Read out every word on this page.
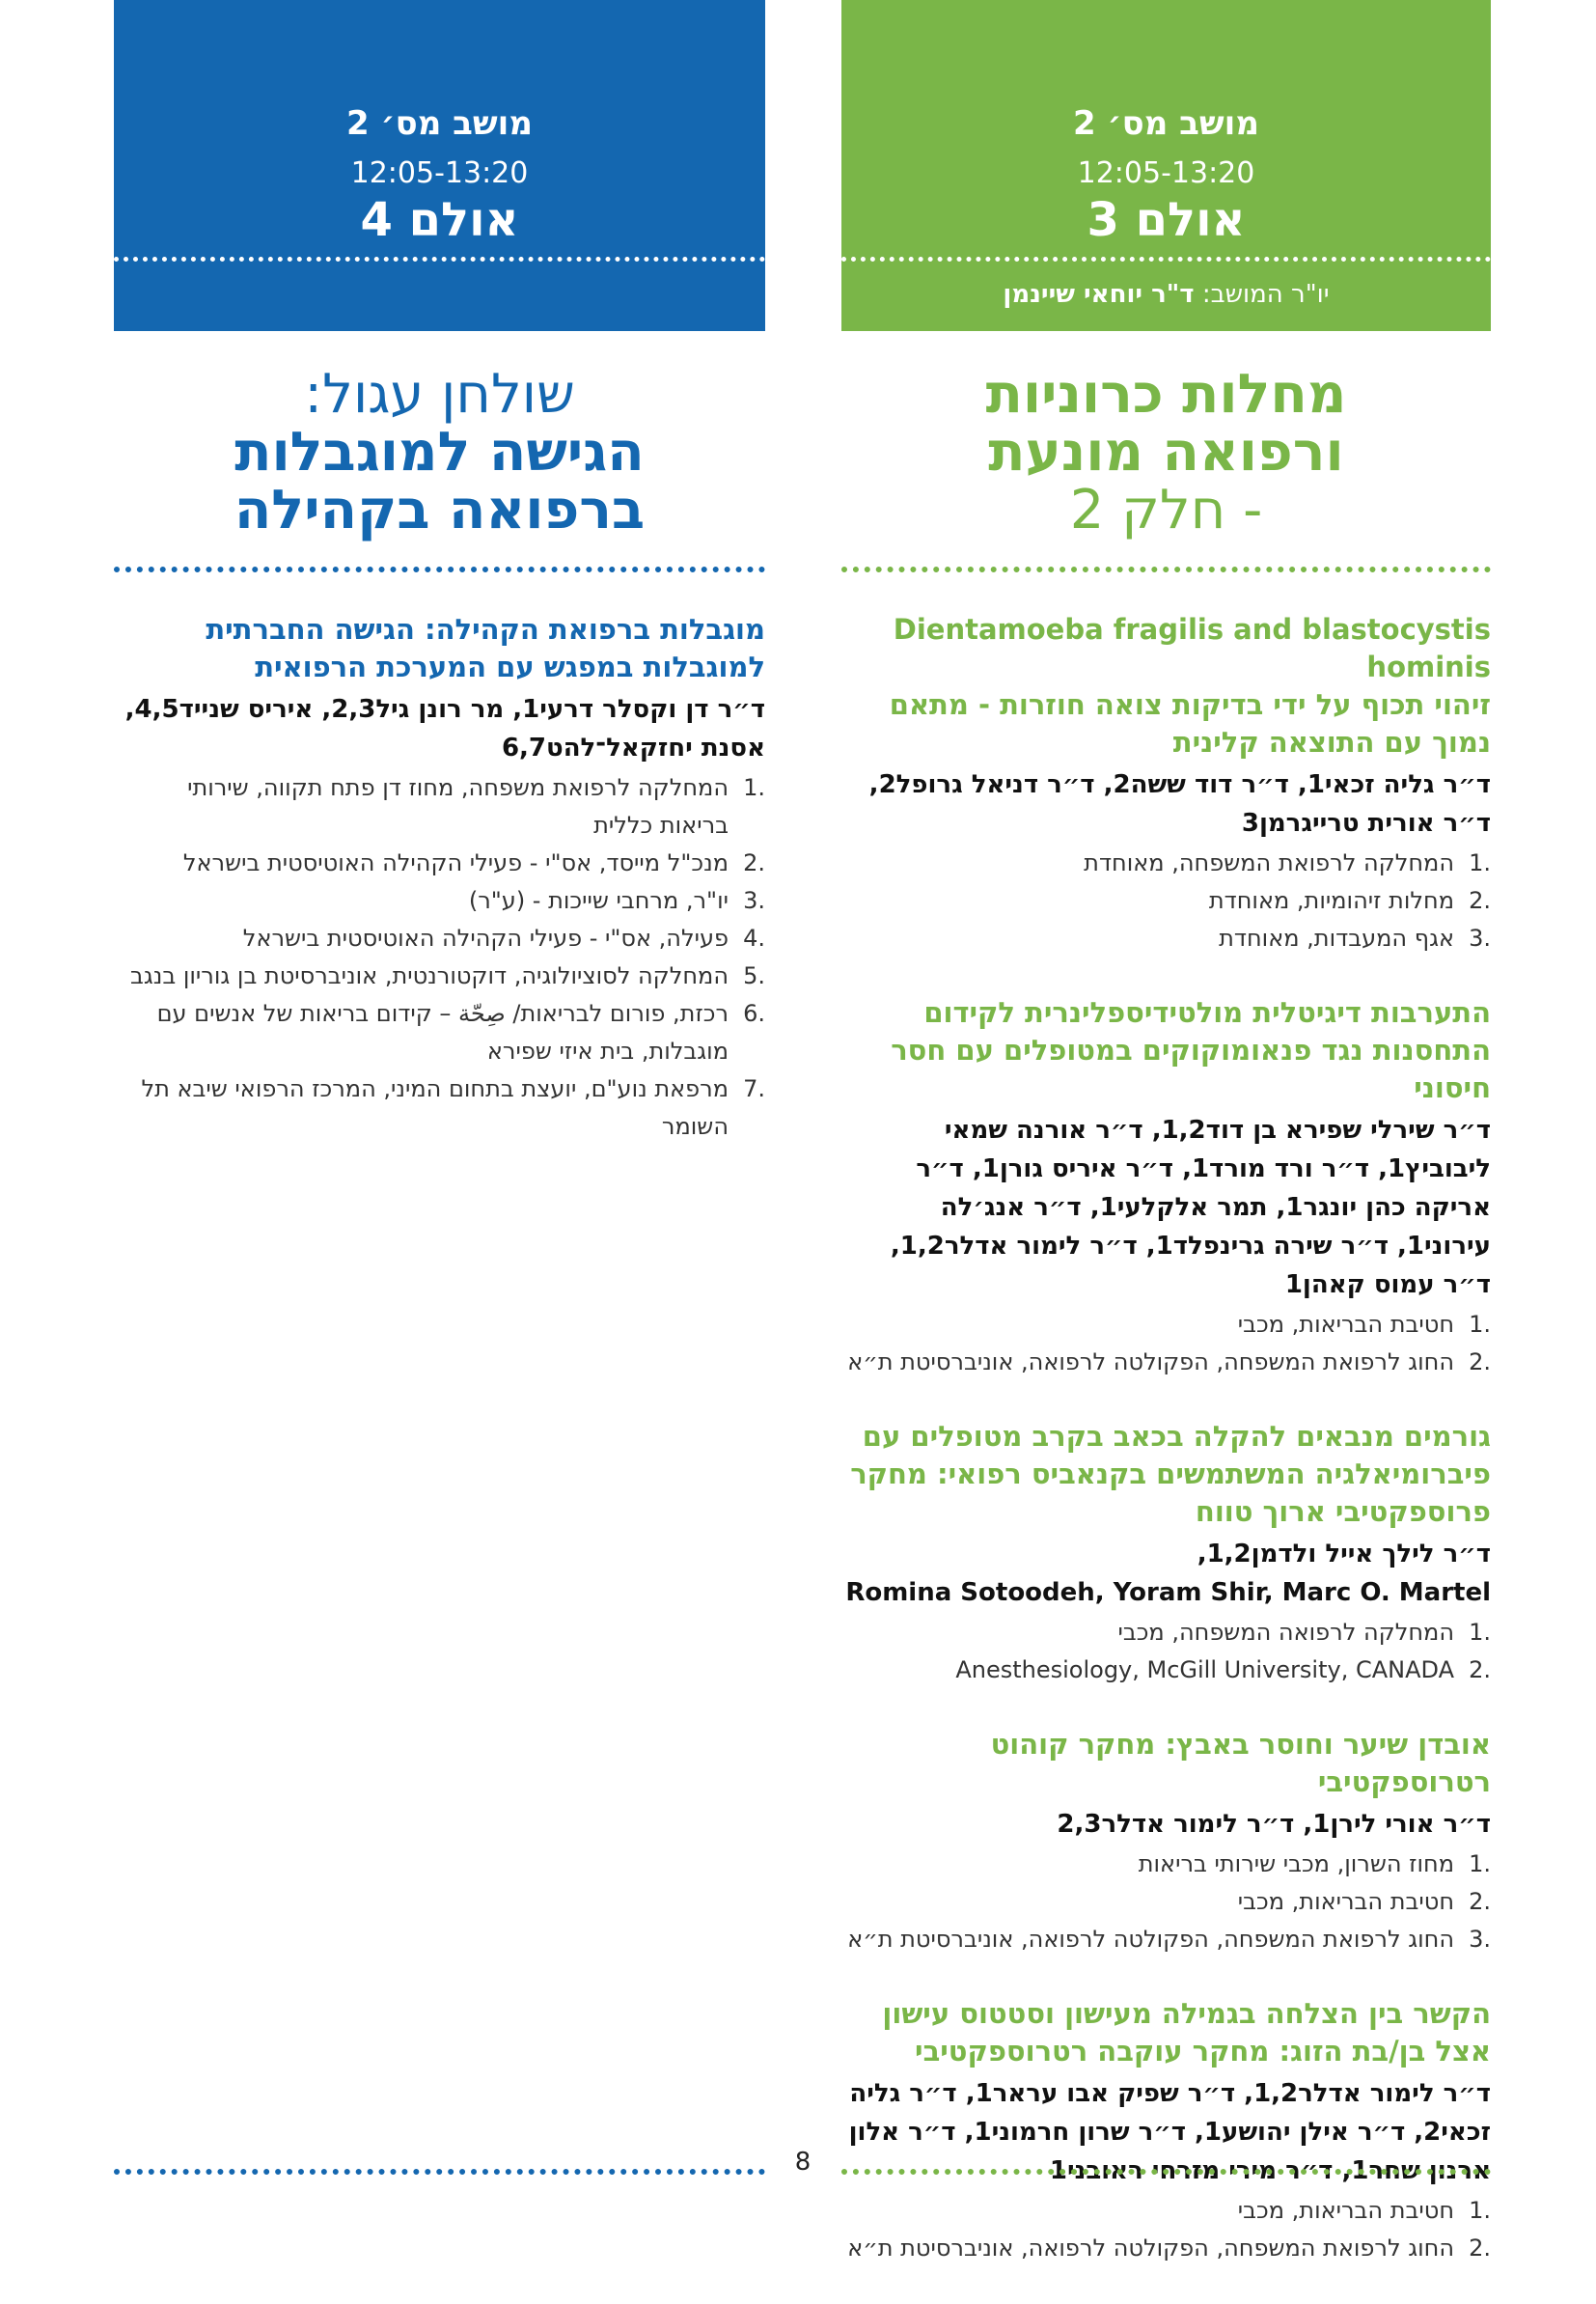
מושב מס׳ 2
12:05-13:20
אולם 3
יו"ר המושב: ד"ר יוחאי שיינמן
מחלות כרוניות
ורפואה מונעת
- חלק 2
Dientamoeba fragilis and blastocystis hominis
זיהוי תכוף על ידי בדיקות צואה חוזרות - מתאם נמוך עם התוצאה קלינית
ד״ר גליה זכאי1, ד״ר דוד ששה2, ד״ר דניאל גרופל2, ד״ר אורית טרייגרמן3
.1
המחלקה לרפואת המשפחה, מאוחדת
.2
מחלות זיהומיות, מאוחדת
.3
אגף המעבדות, מאוחדת
התערבות דיגיטלית מולטידיספלינרית לקידום התחסנות נגד פנאומוקוקים במטופלים עם חסר חיסוני
ד״ר שירלי שפירא בן דוד1,2, ד״ר אורנה שמאי ליבוביץ1, ד״ר ורד מורד1, ד״ר איריס גורן1, ד״ר אריקה כהן יונגר1, תמר אלקלעי1, ד״ר אנג׳לה עירוני1, ד״ר שירה גרינפלד1, ד״ר לימור אדלר1,2, ד״ר עמוס קאהן1
.1
חטיבת הבריאות, מכבי
.2
החוג לרפואת המשפחה, הפקולטה לרפואה, אוניברסיטת ת״א
גורמים מנבאים להקלה בכאב בקרב מטופלים עם פיברומיאלגיה המשתמשים בקנאביס רפואי: מחקר פרוספקטיבי ארוך טווח
ד״ר לילך אייל ולדמן1,2,
Romina Sotoodeh, Yoram Shir, Marc O. Martel
.1
המחלקה לרפואה המשפחה, מכבי
.2
Anesthesiology, McGill University, CANADA
אובדן שיער וחוסר באבץ: מחקר קוהוט רטרוספקטיבי
ד״ר אורי לירן1, ד״ר לימור אדלר2,3
.1
מחוז השרון, מכבי שירותי בריאות
.2
חטיבת הבריאות, מכבי
.3
החוג לרפואת המשפחה, הפקולטה לרפואה, אוניברסיטת ת״א
הקשר בין הצלחה בגמילה מעישון וסטטוס עישון אצל בן/בת הזוג: מחקר עוקבה רטרוספקטיבי
ד״ר לימור אדלר1,2, ד״ר שפיק אבו עראר1, ד״ר גליה זכאי2, ד״ר אילן יהושע1, ד״ר שרון חרמוני1, ד״ר אלון ארנון שחר1, ד״ר מירי מזרחי ראובני1
.1
חטיבת הבריאות, מכבי
.2
החוג לרפואת המשפחה, הפקולטה לרפואה, אוניברסיטת ת״א
מושב מס׳ 2
12:05-13:20
אולם 4
שולחן עגול:
הגישה למוגבלות
ברפואה בקהילה
מוגבלות ברפואת הקהילה: הגישה החברתית למוגבלות במפגש עם המערכת הרפואית
ד״ר דן וקסלר דרעי1, מר רונן גיל2,3, איריס שנייד4,5, אסנת יחזקאל־להט6,7
.1
המחלקה לרפואת משפחה, מחוז דן פתח תקווה, שירותי בריאות כללית
.2
מנכ"ל מייסד, אס"י - פעילי הקהילה האוטיסטית בישראל
.3
יו"ר, מרחבי שייכות - (ע"ר)
.4
פעילה, אס"י - פעילי הקהילה האוטיסטית בישראל
.5
המחלקה לסוציולוגיה, דוקטורנטית, אוניברסיטת בן גוריון בנגב
.6
רכזת, פורום לבריאות/ صِحّة – קידום בריאות של אנשים עם מוגבלות, בית איזי שפירא
.7
מרפאת נוע"ם, יועצת בתחום המיני, המרכז הרפואי שיבא תל השומר
8
